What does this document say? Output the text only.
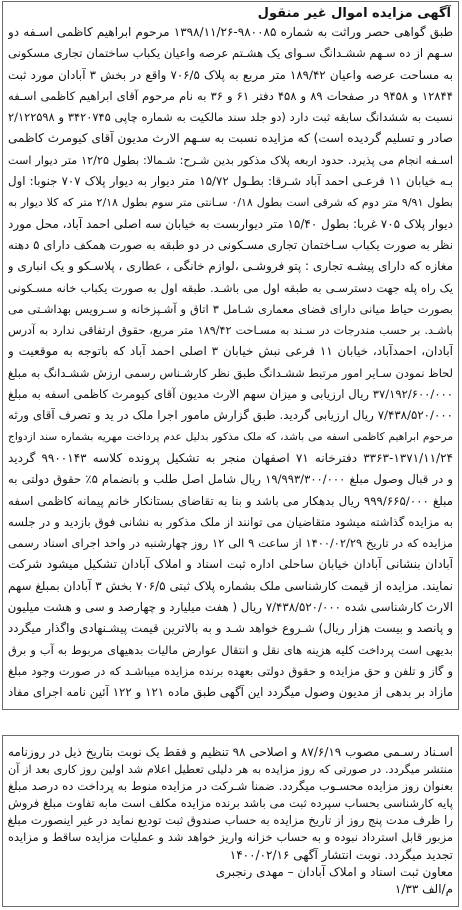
آگهی مزایده اموال غیر منقول
طبق گواهی حصر وراثت به شماره ۹۸۰۰۸۵-۱۳۹۸/۱۱/۲۶ مرحوم ابراهیم کاظمی اسـفه دو
سـهم از ده سـهم ششـدانگ سـوای یک هشـتم عرصه واعیان یکباب ساختمان تجاری مسکونی
به مساحت عرصه واعیان ۱۸۹/۴۲ متر مربع به پلاک ۷۰۶/۵ واقع در بخش ۳ آبادان مورد ثبت
۱۲۸۴۴ و ۹۴۵۸ در صفحات ۸۹ و ۴۵۸ دفتر ۶۱ و ۳۶ به نام مرحوم آقای ابراهیم کاظمی اسـفه
نسبت به ششدانگ سابقه ثبت دارد (دو جلد سند مالکیت به شماره چاپی ۳۴۲۰۷۴۵ و ۲/۱۲۲۵۹۸
صادر و تسلیم گردیده است) که مزایده نسبت به سـهم الارث مدیون آقای کیومرث کاظمی
اسـفه انجام می پذیرد. حدود اربعه پلاک مذکور بدین شـرح: شـمالا: بطول ۱۲/۲۵ متر دیوار است
بـه خیابان ۱۱ فرعـی احمد آباد شـرقا: بطـول ۱۵/۷۲ متر دیوار به دیوار پلاک ۷۰۷ جنوبا: اول
بطول ۹/۹۱ متر دوم که شرقی است بطول ۰/۱۸ سـانتی متر سوم بطول ۲/۱۸ متر که کلا دیوار به
دیوار پلاک ۷۰۵ غربا: بطول ۱۵/۴۰ متر دیواربست به خیابان سه اصلی احمد آباد، محل مورد
نظر به صورت یکباب سـاختمان تجاری مسـکونی در دو طبقه به صورت همکف دارای ۵ دهنه
مغازه که دارای پیشـه تجاری : پتو فروشـی ،لوازم خانگی ، عطاری ، پلاسـکو و یک انباری و
یک راه پله جهت دسترسـی به طبقه اول می باشـد. طبقه اول به صورت یکباب خانه مسـکونی
بصورت حیاط میانی دارای فضای معماری شـامل ۳ اتاق و آشـپزخانه و سـرویس بهداشـتی می
باشـد. بر حسب مندرجات در سـند به مسـاحت ۱۸۹/۴۲ متر مربع، حقوق ارتفاقی ندارد به آدرس
آبادان، احمدآباد، خیابان ۱۱ فرعی نبش خیابان ۳ اصلی احمد آباد که باتوجه به موقعیت و
لحاظ نمودن سـایر امور مرتبط ششـدانگ طبق نظر کارشـناس رسمی ارزش ششـدانگ به مبلغ
۳۷/۱۹۲/۶۰۰/۰۰۰ ریال ارزیابی و میزان سهم الارث مدیون آقای کیومرث کاظمی اسفه به مبلغ
۷/۴۳۸/۵۲۰/۰۰۰ ریال ارزیابی گردید. طبق گزارش مامور اجرا ملک در ید و تصرف آقای ورثه
مرحوم ابراهیم کاظمی اسفه می باشد، که ملک مذکور بدلیل عدم پرداخت مهریه بشماره سند ازدواج
۳۳۶۳-۱۳۷۱/۱۱/۲۴ دفترخانه ۷۱ اصفهان منجر به تشکیل پرونده کلاسه ۹۹۰۰۱۴۳ گردید
و در قبال وصول مبلغ ۱۹/۹۹۳/۳۰۰/۰۰۰ ریال شامل اصل طلب و بانضمام ۵٪ حقوق دولتی به
مبلغ ۹۹۹/۶۶۵/۰۰۰ ریال بدهکار می باشد و بنا به تقاضای بستانکار خانم پیمانه کاظمی اسفه
به مزایده گذاشته میشود متقاضیان می توانند از ملک مذکور به نشانی فوق بازدید و در جلسه
مزایده که در تاریخ ۱۴۰۰/۰۲/۲۹ از ساعت ۹ الی ۱۲ روز چهارشنبه در واحد اجرای اسناد رسمی
آبادان بنشانی آبادان خیابان ساحلی اداره ثبت اسناد و املاک آبادان تشکیل میشود شرکت
نمایند. مزایده از قیمت کارشناسی ملک بشماره پلاک ثبتی ۷۰۶/۵ بخش ۳ آبادان بمبلغ سهم
الارث کارشناسی شده ۷/۴۳۸/۵۲۰/۰۰۰ ریال ( هفت میلیارد و چهارصد و سی و هشت میلیون
و پانصد و بیست هزار ریال) شـروع خواهد شـد و به بالاترین قیمت پیشـنهادی واگذار میگردد
بدیهی است پرداخت کلیه هزینه های نقل و انتقال عوارض مالیات بدهیهای مربوط به آب و برق
و گاز و تلفن و حق مزایده و حقوق دولتی بعهده برنده مزایده میباشـد که در صورت وجود مبلغ
مازاد بر بدهی از مدیون وصول میگردد این آگهی طبق ماده ۱۲۱ و ۱۲۲ آئین نامه اجرای مفاد
اسـناد رسـمی مصوب ۸۷/۶/۱۹ و اصلاحی ۹۸ تنظیم و فقط یک نوبت بتاریخ ذیل در روزنامه
منتشر میگردد. در صورتی که روز مزایده به هر دلیلی تعطیل اعلام شد اولین روز کاری بعد از آن
بعنوان روز مزایده محسـوب میگردد. ضمنا شـرکت در مزایده منوط به پرداخت ده درصد مبلغ
پایه کارشناسی بحساب سپرده ثبت می باشد برنده مزایده مکلف است مابه تفاوت مبلغ فروش
را ظرف مدت پنج روز از تاریخ مزایده به حساب صندوق ثبت تودیع نماید در غیر اینصورت مبلغ
مزبور قابل استرداد نبوده و به حساب خزانه واریز خواهد شد و عملیات مزایده ساقط و مزایده
تجدید میگردد. نوبت انتشار آگهی ۱۴۰۰/۰۲/۱۶
معاون ثبت اسناد و املاک آبادان – مهدی رنجبری
م/الف ۱/۳۳
